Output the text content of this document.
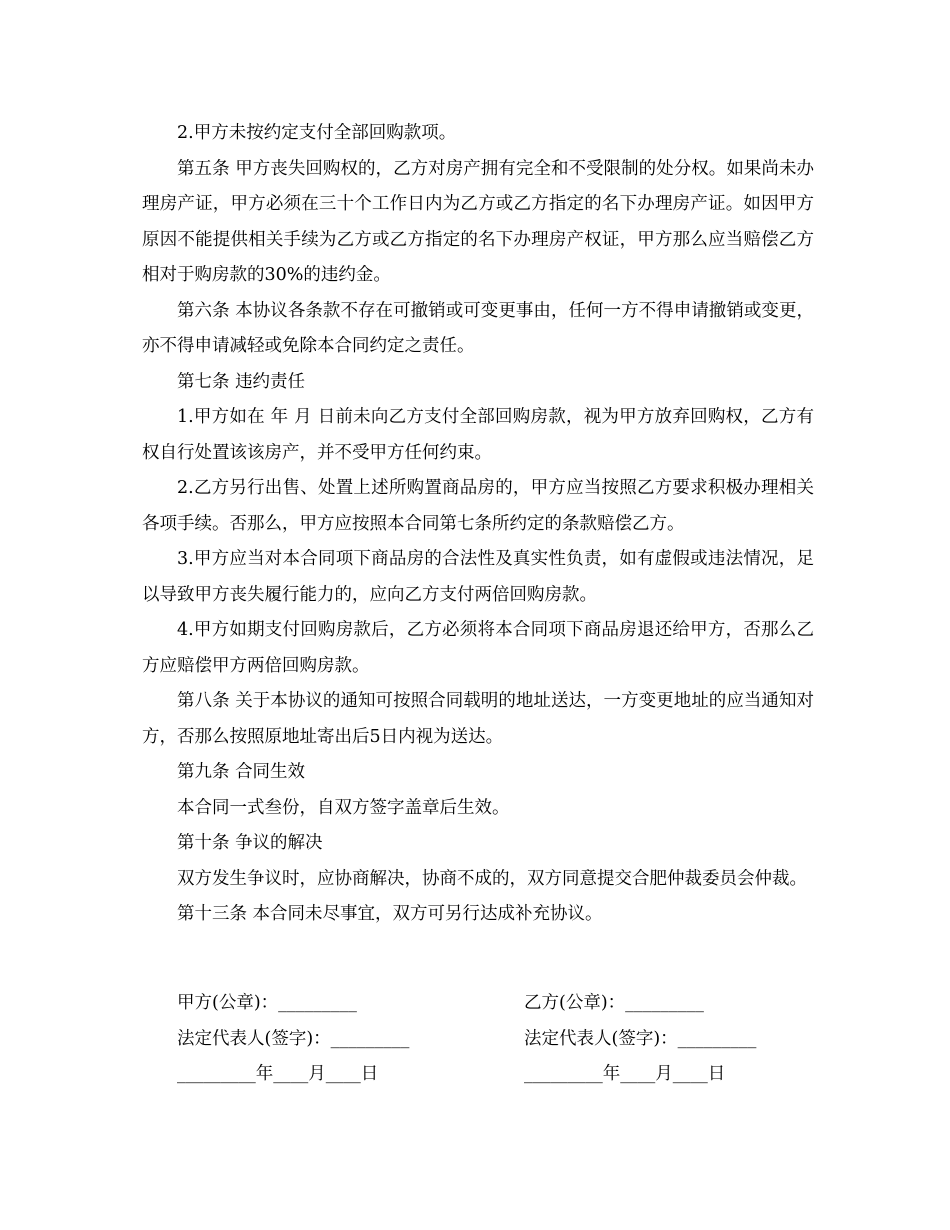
2.甲方未按约定支付全部回购款项。

第五条 甲方丧失回购权的，乙方对房产拥有完全和不受限制的处分权。如果尚未办理房产证，甲方必须在三十个工作日内为乙方或乙方指定的名下办理房产证。如因甲方原因不能提供相关手续为乙方或乙方指定的名下办理房产权证，甲方那么应当赔偿乙方相对于购房款的30%的违约金。

第六条 本协议各条款不存在可撤销或可变更事由，任何一方不得申请撤销或变更，亦不得申请减轻或免除本合同约定之责任。

第七条 违约责任

1.甲方如在 年 月 日前未向乙方支付全部回购房款，视为甲方放弃回购权，乙方有权自行处置该该房产，并不受甲方任何约束。

2.乙方另行出售、处置上述所购置商品房的，甲方应当按照乙方要求积极办理相关各项手续。否那么，甲方应按照本合同第七条所约定的条款赔偿乙方。

3.甲方应当对本合同项下商品房的合法性及真实性负责，如有虚假或违法情况，足以导致甲方丧失履行能力的，应向乙方支付两倍回购房款。

4.甲方如期支付回购房款后，乙方必须将本合同项下商品房退还给甲方，否那么乙方应赔偿甲方两倍回购房款。

第八条 关于本协议的通知可按照合同载明的地址送达，一方变更地址的应当通知对方，否那么按照原地址寄出后5日内视为送达。

第九条 合同生效

本合同一式叁份，自双方签字盖章后生效。

第十条 争议的解决

双方发生争议时，应协商解决，协商不成的，双方同意提交合肥仲裁委员会仲裁。

第十三条 本合同未尽事宜，双方可另行达成补充协议。

甲方(公章)：_________	乙方(公章)：_________
法定代表人(签字)：_________	法定代表人(签字)：_________
_________年____月____日	_________年____月____日
